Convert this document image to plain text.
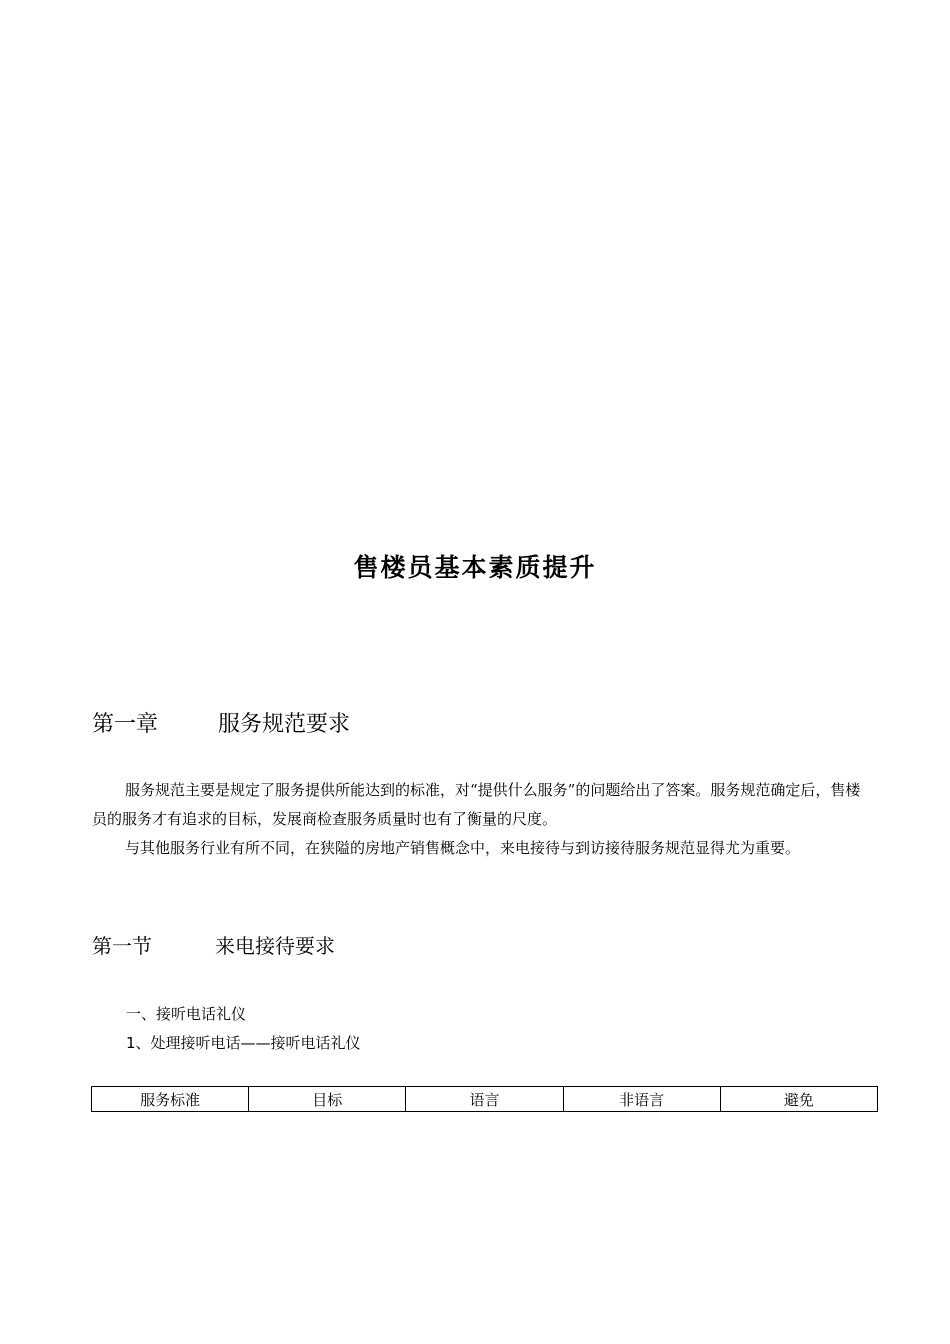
售楼员基本素质提升
第一章	服务规范要求

服务规范主要是规定了服务提供所能达到的标准，对“提供什么服务”的问题给出了答案。服务规范确定后，售楼员的服务才有追求的目标，发展商检查服务质量时也有了衡量的尺度。

与其他服务行业有所不同，在狭隘的房地产销售概念中，来电接待与到访接待服务规范显得尤为重要。

第一节	来电接待要求
一、接听电话礼仪
1、处理接听电话——接听电话礼仪
服务标准	目标	语言	非语言	避免
